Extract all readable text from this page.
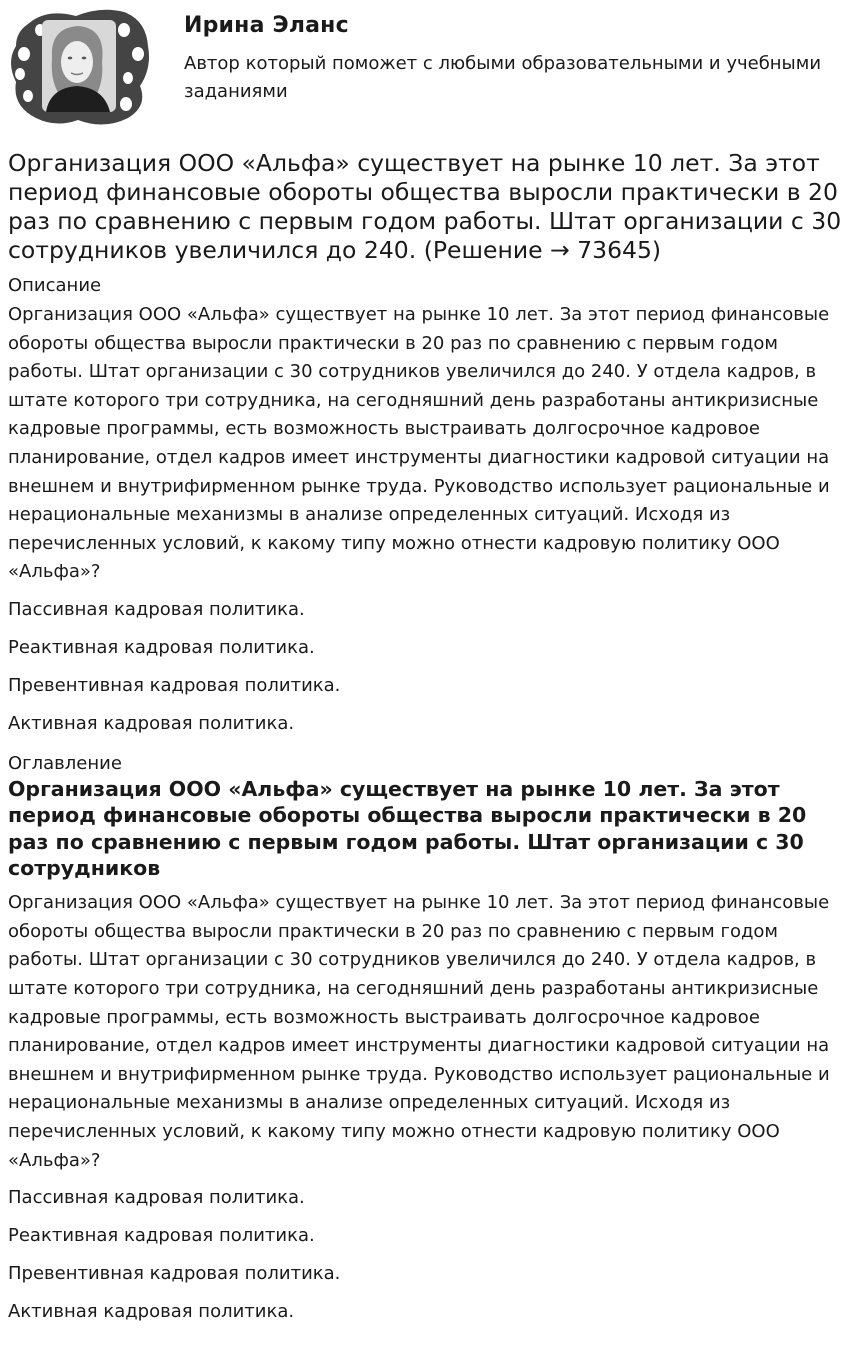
Ирина Эланс
Автор который поможет с любыми образовательными и учебными заданиями
Организация ООО «Альфа» существует на рынке 10 лет. За этот период финансовые обороты общества выросли практически в 20 раз по сравнению с первым годом работы. Штат организации с 30 сотрудников увеличился до 240. (Решение → 73645)
Описание

Организация ООО «Альфа» существует на рынке 10 лет. За этот период финансовые обороты общества выросли практически в 20 раз по сравнению с первым годом работы. Штат организации с 30 сотрудников увеличился до 240. У отдела кадров, в штате которого три сотрудника, на сегодняшний день разработаны антикризисные кадровые программы, есть возможность выстраивать долгосрочное кадровое планирование, отдел кадров имеет инструменты диагностики кадровой ситуации на внешнем и внутрифирменном рынке труда. Руководство использует рациональные и нерациональные механизмы в анализе определенных ситуаций. Исходя из перечисленных условий, к какому типу можно отнести кадровую политику ООО «Альфа»?

Пассивная кадровая политика.

Реактивная кадровая политика.

Превентивная кадровая политика.

Активная кадровая политика.

Оглавление
Организация ООО «Альфа» существует на рынке 10 лет. За этот период финансовые обороты общества выросли практически в 20 раз по сравнению с первым годом работы. Штат организации с 30 сотрудников

Организация ООО «Альфа» существует на рынке 10 лет. За этот период финансовые обороты общества выросли практически в 20 раз по сравнению с первым годом работы. Штат организации с 30 сотрудников увеличился до 240. У отдела кадров, в штате которого три сотрудника, на сегодняшний день разработаны антикризисные кадровые программы, есть возможность выстраивать долгосрочное кадровое планирование, отдел кадров имеет инструменты диагностики кадровой ситуации на внешнем и внутрифирменном рынке труда. Руководство использует рациональные и нерациональные механизмы в анализе определенных ситуаций. Исходя из перечисленных условий, к какому типу можно отнести кадровую политику ООО «Альфа»?

Пассивная кадровая политика.

Реактивная кадровая политика.

Превентивная кадровая политика.

Активная кадровая политика.
